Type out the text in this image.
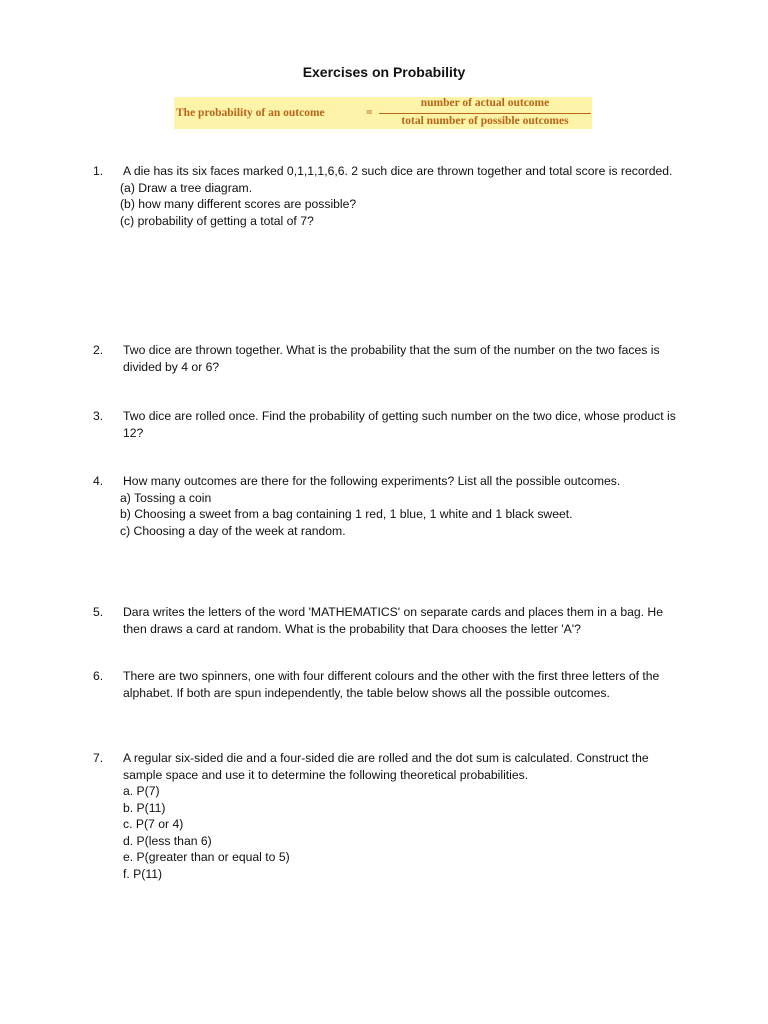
Exercises on Probability
The probability of an outcome	=
number of actual outcome
total number of possible outcomes
1. A die has its six faces marked 0,1,1,1,6,6. 2 such dice are thrown together and total score is recorded.
(a) Draw a tree diagram.
(b) how many different scores are possible?
(c) probability of getting a total of 7?
2. Two dice are thrown together. What is the probability that the sum of the number on the two faces is divided by 4 or 6?
3. Two dice are rolled once. Find the probability of getting such number on the two dice, whose product is 12?
4. How many outcomes are there for the following experiments? List all the possible outcomes.
a) Tossing a coin
b) Choosing a sweet from a bag containing 1 red, 1 blue, 1 white and 1 black sweet.
c) Choosing a day of the week at random.
5. Dara writes the letters of the word 'MATHEMATICS' on separate cards and places them in a bag. He then draws a card at random. What is the probability that Dara chooses the letter 'A'?
6. There are two spinners, one with four different colours and the other with the first three letters of the alphabet. If both are spun independently, the table below shows all the possible outcomes.
7. A regular six-sided die and a four-sided die are rolled and the dot sum is calculated. Construct the sample space and use it to determine the following theoretical probabilities.
a. P(7)
b. P(11)
c. P(7 or 4)
d. P(less than 6)
e. P(greater than or equal to 5)
f. P(11)
